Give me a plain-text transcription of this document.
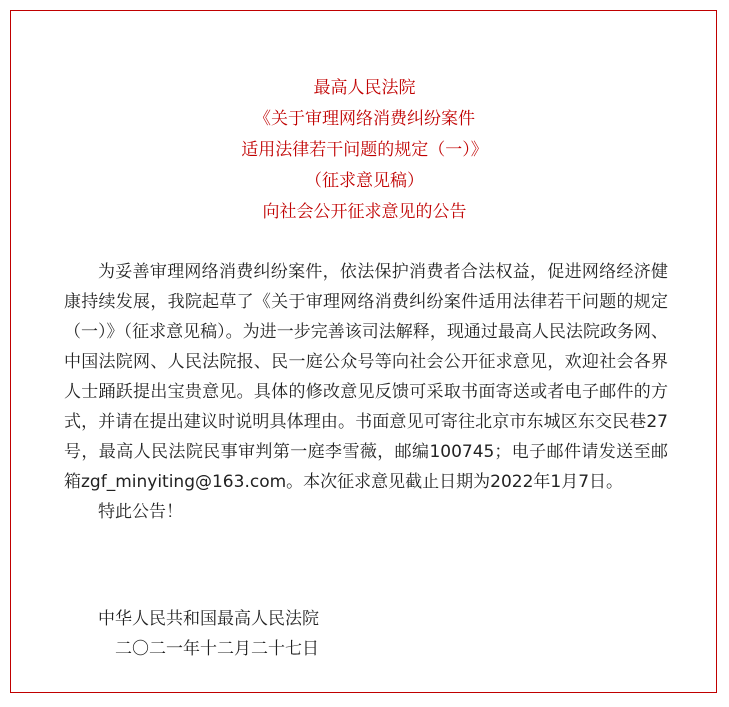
最高人民法院
《关于审理网络消费纠纷案件
适用法律若干问题的规定（一）》
（征求意见稿）
向社会公开征求意见的公告

为妥善审理网络消费纠纷案件，依法保护消费者合法权益，促进网络经济健康持续发展，我院起草了《关于审理网络消费纠纷案件适用法律若干问题的规定（一）》（征求意见稿）。为进一步完善该司法解释，现通过最高人民法院政务网、中国法院网、人民法院报、民一庭公众号等向社会公开征求意见，欢迎社会各界人士踊跃提出宝贵意见。具体的修改意见反馈可采取书面寄送或者电子邮件的方式，并请在提出建议时说明具体理由。书面意见可寄往北京市东城区东交民巷27号，最高人民法院民事审判第一庭李雪薇，邮编100745；电子邮件请发送至邮箱zgf_minyiting@163.com。本次征求意见截止日期为2022年1月7日。

特此公告！

中华人民共和国最高人民法院
二〇二一年十二月二十七日
